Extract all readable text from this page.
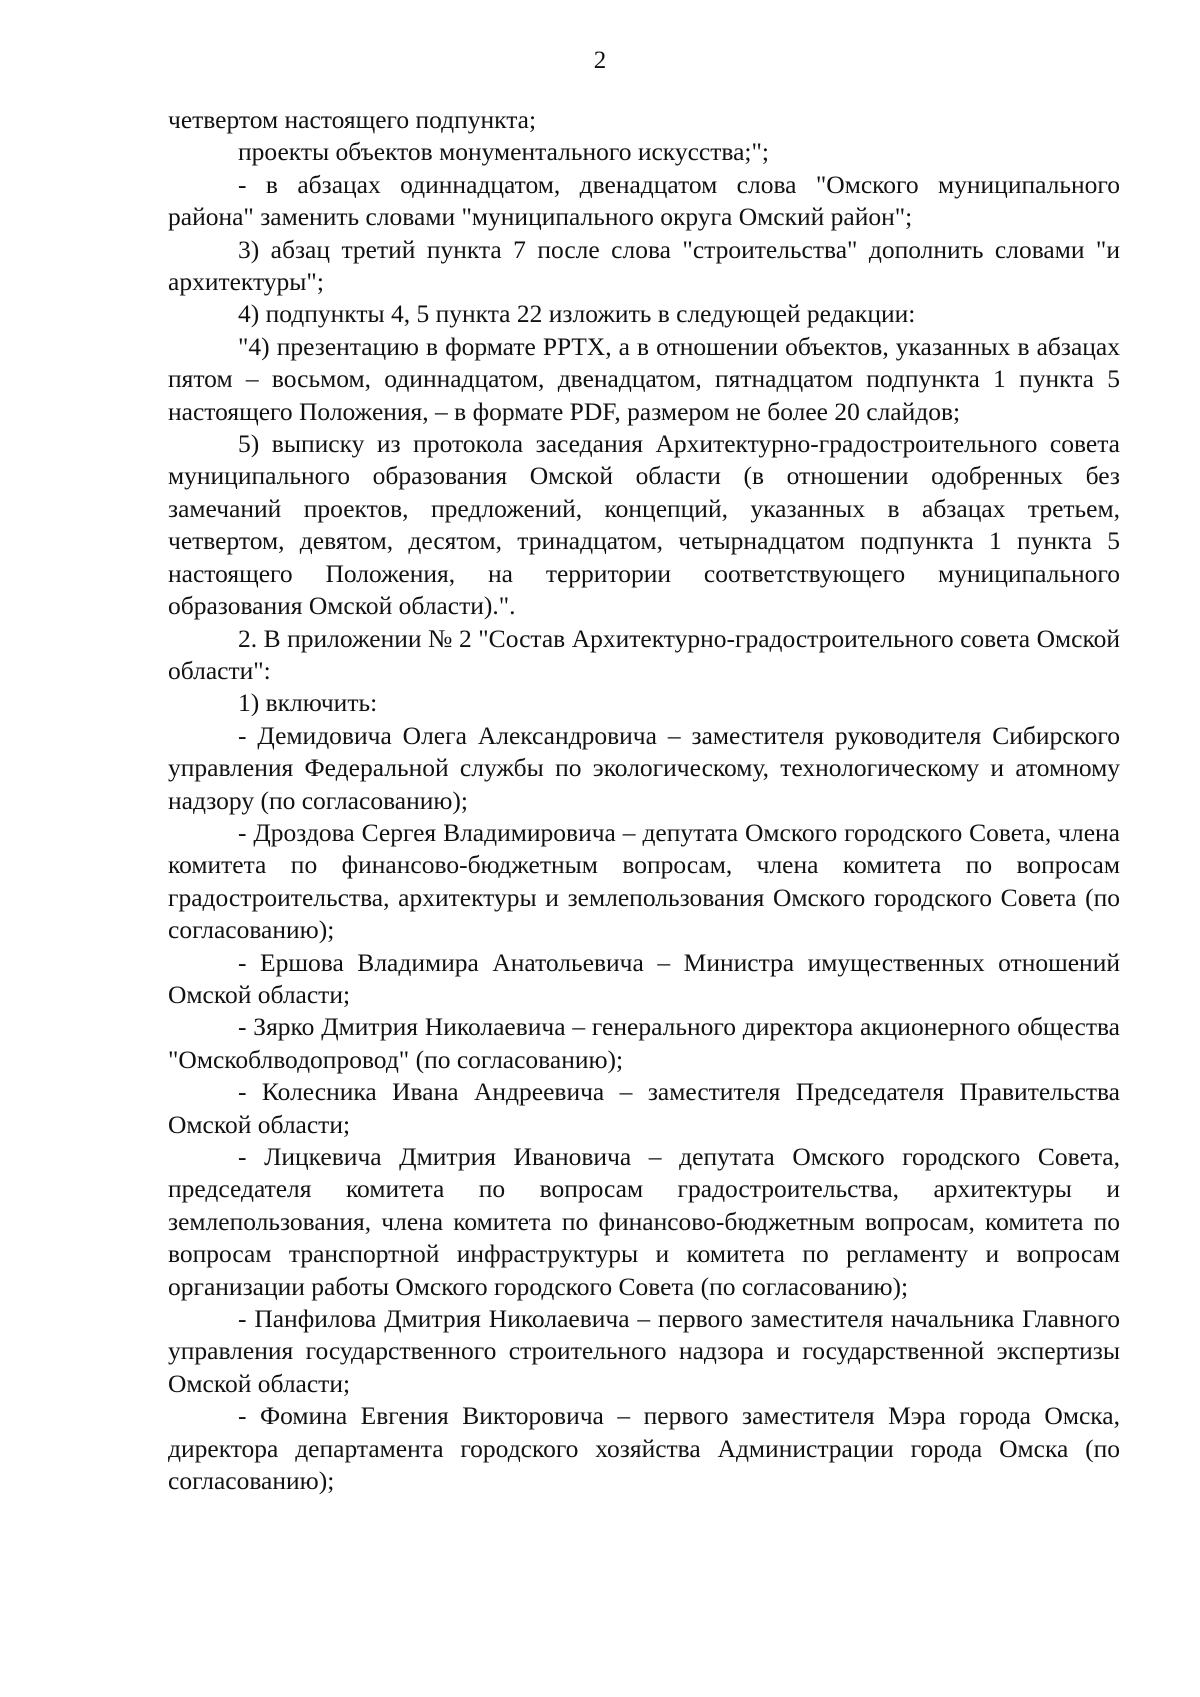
2

четвертом настоящего подпункта;

проекты объектов монументального искусства;";

- в абзацах одиннадцатом, двенадцатом слова "Омского муниципального района" заменить словами "муниципального округа Омский район";

3) абзац третий пункта 7 после слова "строительства" дополнить словами "и архитектуры";

4) подпункты 4, 5 пункта 22 изложить в следующей редакции:

"4) презентацию в формате PPTX, а в отношении объектов, указанных в абзацах пятом – восьмом, одиннадцатом, двенадцатом, пятнадцатом подпункта 1 пункта 5 настоящего Положения, – в формате PDF, размером не более 20 слайдов;

5) выписку из протокола заседания Архитектурно-градостроительного совета муниципального образования Омской области (в отношении одобренных без замечаний проектов, предложений, концепций, указанных в абзацах третьем, четвертом, девятом, десятом, тринадцатом, четырнадцатом подпункта 1 пункта 5 настоящего Положения, на территории соответствующего муниципального образования Омской области).".

2. В приложении № 2 "Состав Архитектурно-градостроительного совета Омской области":

1) включить:

- Демидовича Олега Александровича – заместителя руководителя Сибирского управления Федеральной службы по экологическому, технологическому и атомному надзору (по согласованию);

- Дроздова Сергея Владимировича – депутата Омского городского Совета, члена комитета по финансово-бюджетным вопросам, члена комитета по вопросам градостроительства, архитектуры и землепользования Омского городского Совета (по согласованию);

- Ершова Владимира Анатольевича – Министра имущественных отношений Омской области;

- Зярко Дмитрия Николаевича – генерального директора акционерного общества "Омскоблводопровод" (по согласованию);

- Колесника Ивана Андреевича – заместителя Председателя Правительства Омской области;

- Лицкевича Дмитрия Ивановича – депутата Омского городского Совета, председателя комитета по вопросам градостроительства, архитектуры и землепользования, члена комитета по финансово-бюджетным вопросам, комитета по вопросам транспортной инфраструктуры и комитета по регламенту и вопросам организации работы Омского городского Совета (по согласованию);

- Панфилова Дмитрия Николаевича – первого заместителя начальника Главного управления государственного строительного надзора и государственной экспертизы Омской области;

- Фомина Евгения Викторовича – первого заместителя Мэра города Омска, директора департамента городского хозяйства Администрации города Омска (по согласованию);
